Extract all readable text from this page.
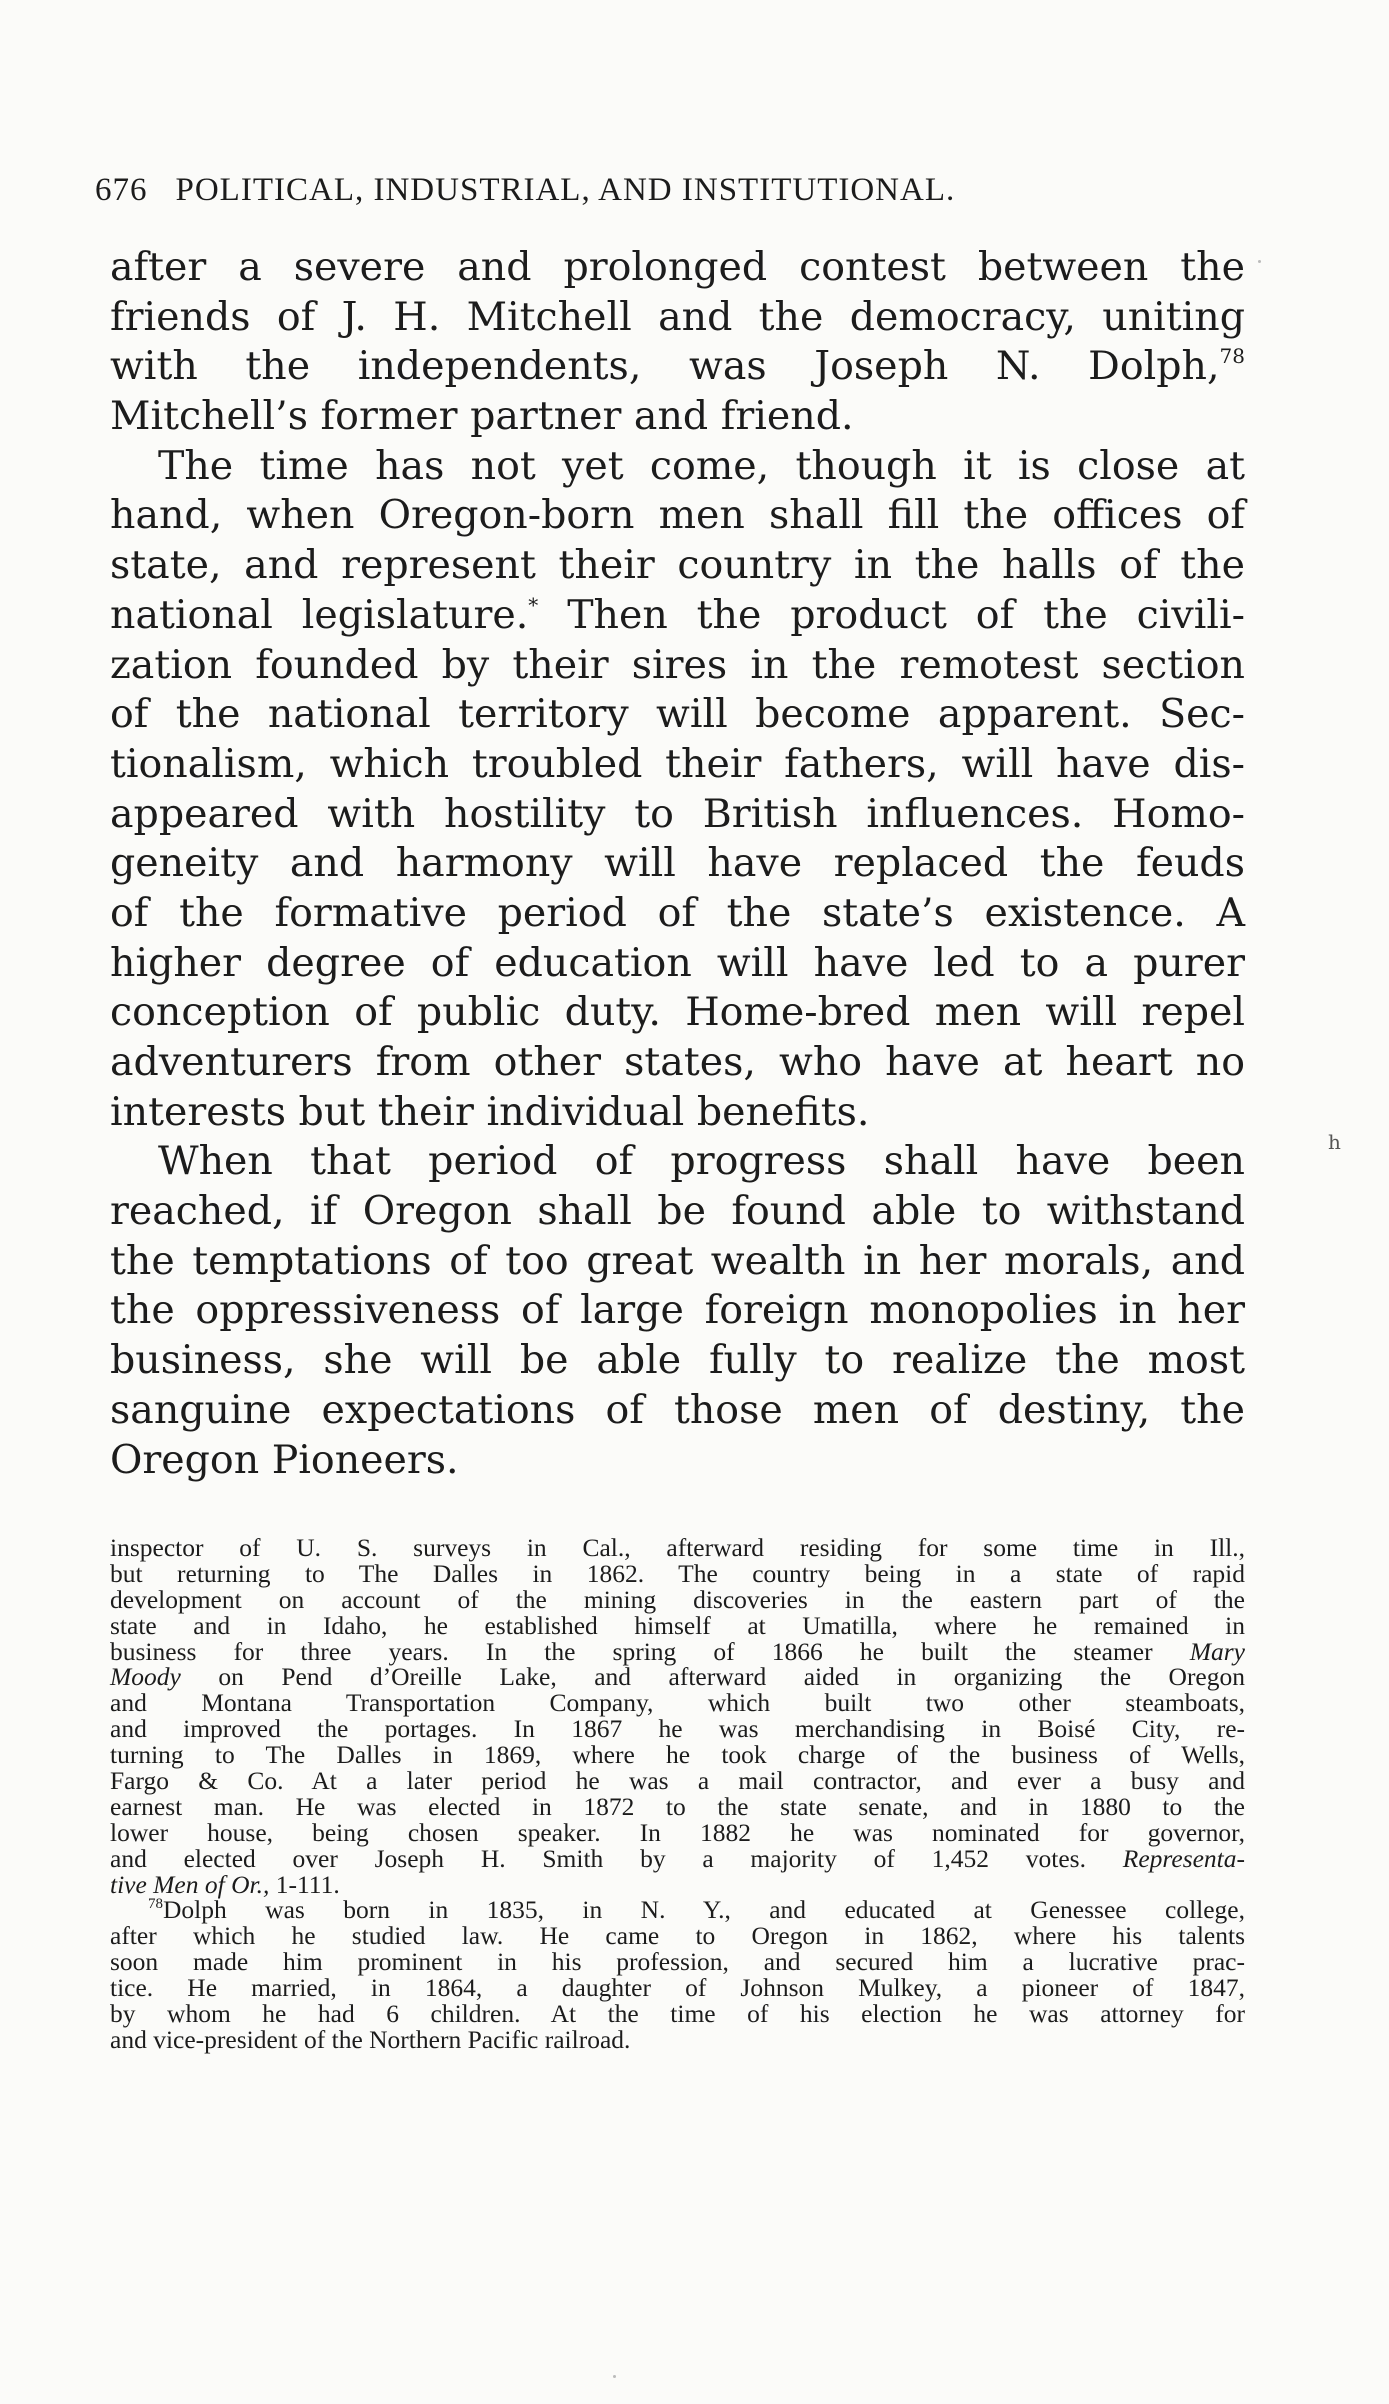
676 POLITICAL, INDUSTRIAL, AND INSTITUTIONAL.
after a severe and prolonged contest between the
friends of J. H. Mitchell and the democracy, uniting
with the independents, was Joseph N. Dolph,$^{78}$
Mitchell’s former partner and friend.
The time has not yet come, though it is close at
hand, when Oregon-born men shall fill the offices of
state, and represent their country in the halls of the
national legislature.* Then the product of the civili-
zation founded by their sires in the remotest section
of the national territory will become apparent. Sec-
tionalism, which troubled their fathers, will have dis-
appeared with hostility to British influences. Homo-
geneity and harmony will have replaced the feuds
of the formative period of the state’s existence. A
higher degree of education will have led to a purer
conception of public duty. Home-bred men will repel
adventurers from other states, who have at heart no
interests but their individual benefits.
When that period of progress shall have been
reached, if Oregon shall be found able to withstand
the temptations of too great wealth in her morals, and
the oppressiveness of large foreign monopolies in her
business, she will be able fully to realize the most
sanguine expectations of those men of destiny, the
Oregon Pioneers.
inspector of U. S. surveys in Cal., afterward residing for some time in Ill.,
but returning to The Dalles in 1862. The country being in a state of rapid
development on account of the mining discoveries in the eastern part of the
state and in Idaho, he established himself at Umatilla, where he remained in
business for three years. In the spring of 1866 he built the steamer Mary
Moody on Pend d’Oreille Lake, and afterward aided in organizing the Oregon
and Montana Transportation Company, which built two other steamboats,
and improved the portages. In 1867 he was merchandising in Boisé City, re-
turning to The Dalles in 1869, where he took charge of the business of Wells,
Fargo & Co. At a later period he was a mail contractor, and ever a busy and
earnest man. He was elected in 1872 to the state senate, and in 1880 to the
lower house, being chosen speaker. In 1882 he was nominated for governor,
and elected over Joseph H. Smith by a majority of 1,452 votes. Representa-
tive Men of Or., 1-111.
$^{78}$Dolph was born in 1835, in N. Y., and educated at Genessee college,
after which he studied law. He came to Oregon in 1862, where his talents
soon made him prominent in his profession, and secured him a lucrative prac-
tice. He married, in 1864, a daughter of Johnson Mulkey, a pioneer of 1847,
by whom he had 6 children. At the time of his election he was attorney for
and vice-president of the Northern Pacific railroad.
h
